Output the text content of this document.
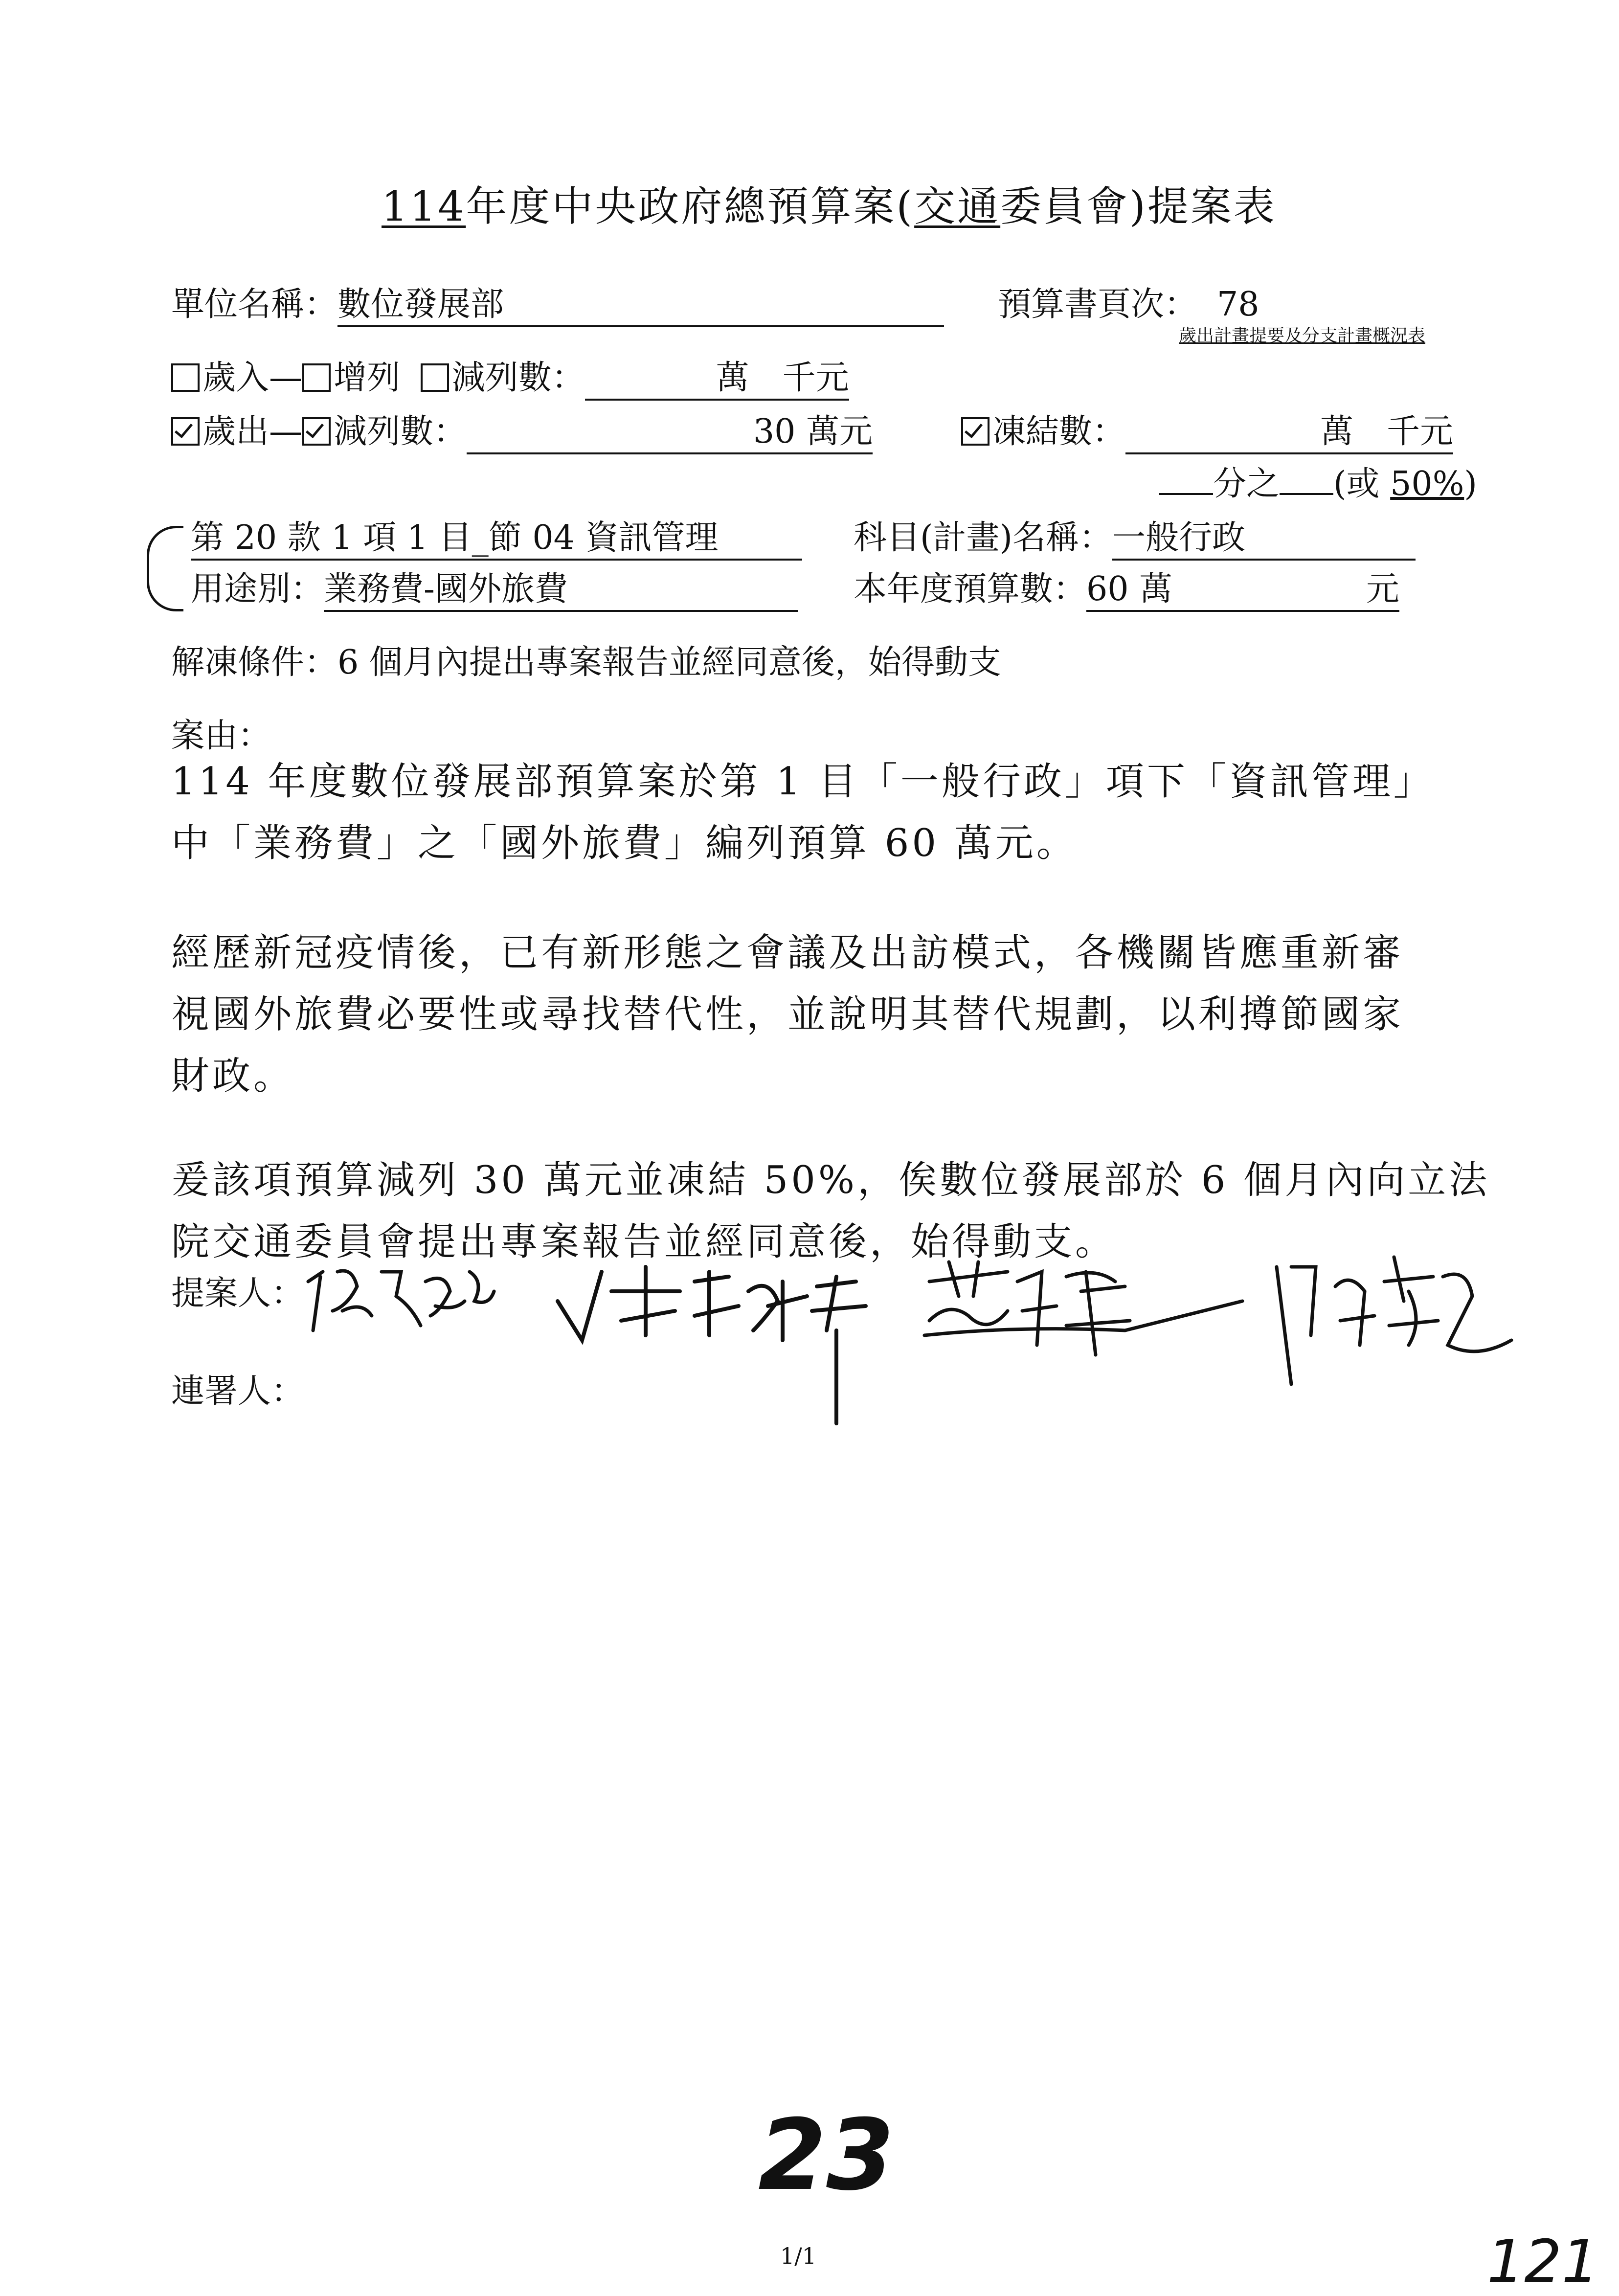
114年度中央政府總預算案(交通委員會)提案表
單位名稱：數位發展部	預算書頁次： 78
歲出計畫提要及分支計畫概況表
歲入— 增列 減列數：	萬　千元
歲出— 減列數：	30 萬元	凍結數：	萬　千元
分之 (或 50%)
第 20 款 1 項 1 目_節 04 資訊管理	科目(計畫)名稱：一般行政
用途別：業務費-國外旅費	本年度預算數：60 萬	元
解凍條件：6 個月內提出專案報告並經同意後，始得動支
案由：
114 年度數位發展部預算案於第 1 目「一般行政」項下「資訊管理」
中「業務費」之「國外旅費」編列預算 60 萬元。
經歷新冠疫情後，已有新形態之會議及出訪模式，各機關皆應重新審
視國外旅費必要性或尋找替代性，並說明其替代規劃，以利撙節國家
財政。
爰該項預算減列 30 萬元並凍結 50%，俟數位發展部於 6 個月內向立法
院交通委員會提出專案報告並經同意後，始得動支。
提案人：
連署人：
23
1/1	121
